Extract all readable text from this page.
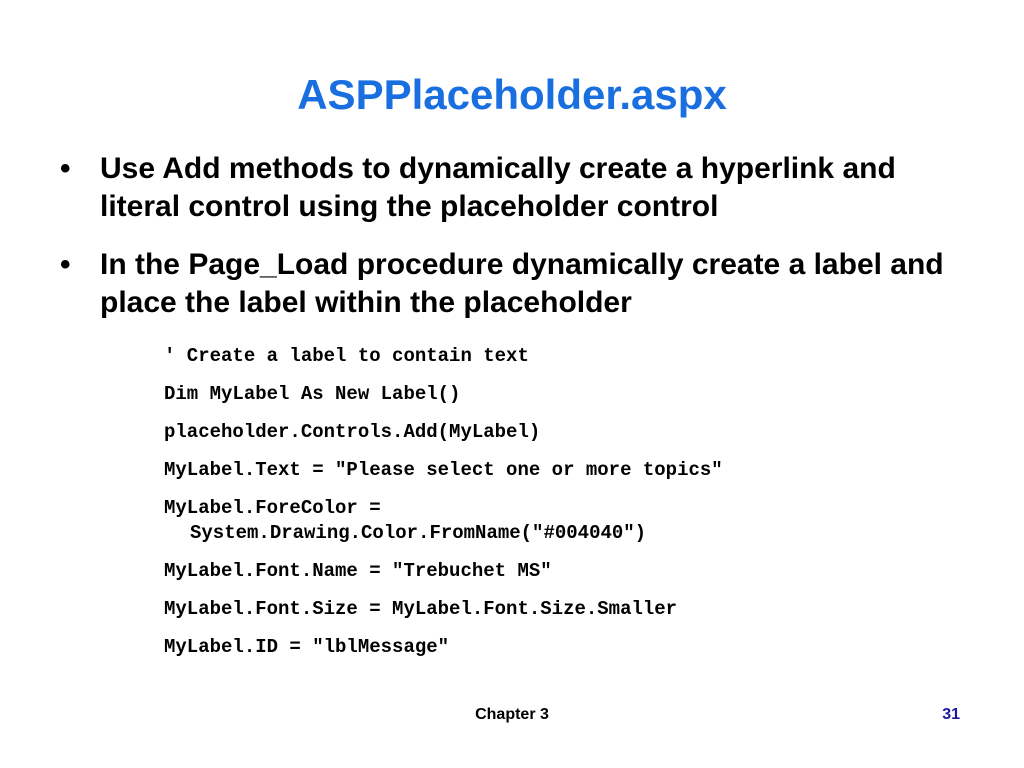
ASPPlaceholder.aspx
• Use Add methods to dynamically create a hyperlink and literal control using the placeholder control
• In the Page_Load procedure dynamically create a label and place the label within the placeholder
' Create a label to contain text
Dim MyLabel As New Label()
placeholder.Controls.Add(MyLabel)
MyLabel.Text = "Please select one or more topics"
MyLabel.ForeColor =
System.Drawing.Color.FromName("#004040")
MyLabel.Font.Name = "Trebuchet MS"
MyLabel.Font.Size = MyLabel.Font.Size.Smaller
MyLabel.ID = "lblMessage"
Chapter 3	31
